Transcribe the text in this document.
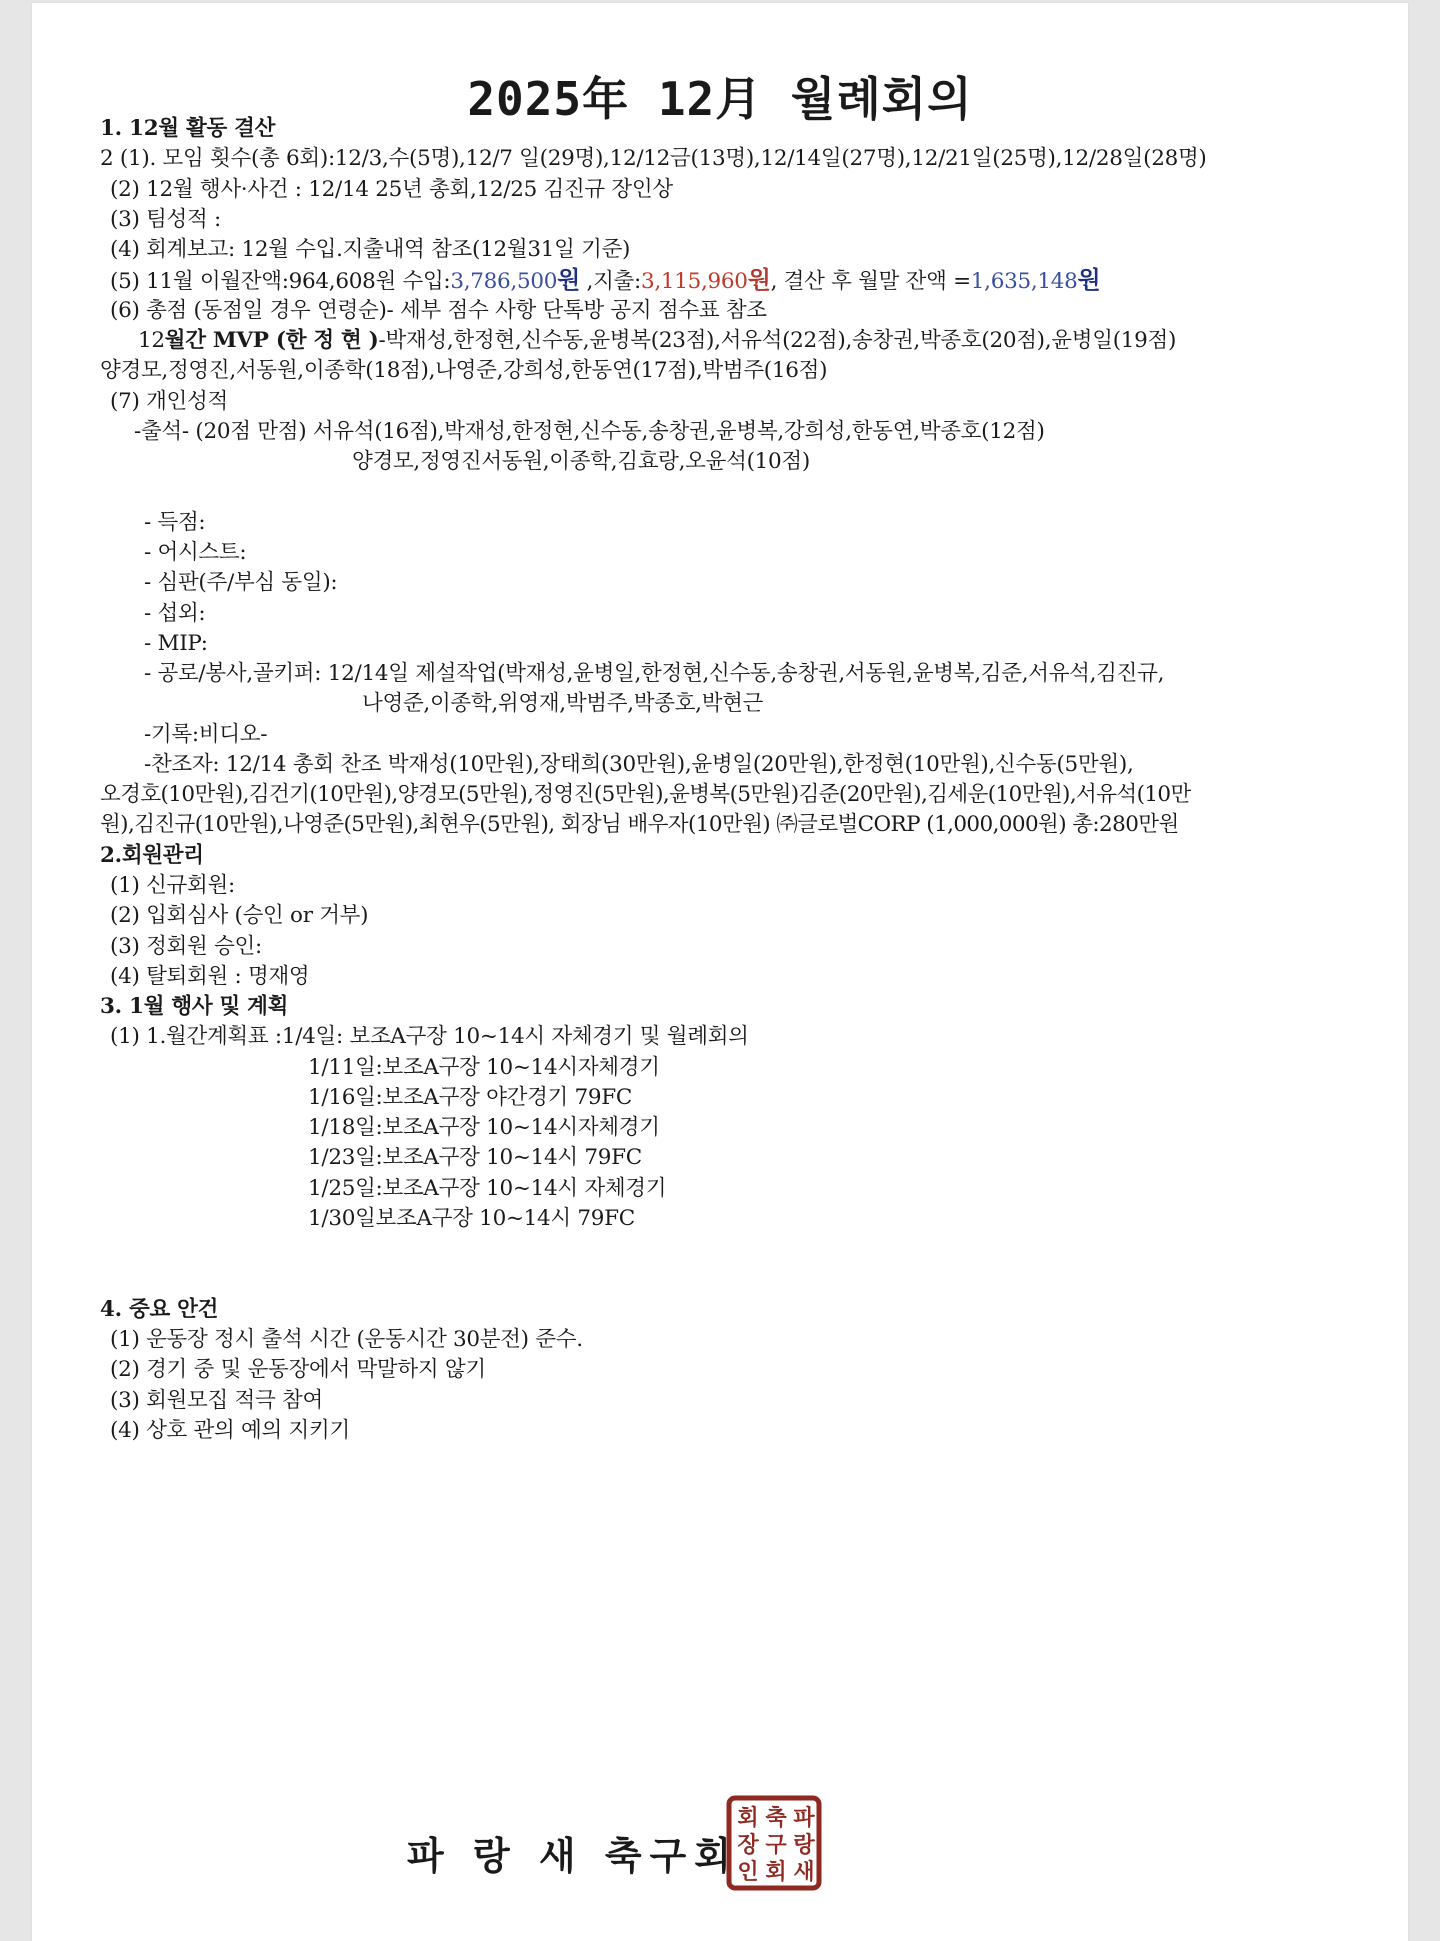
2025年 12月 월례회의
1. 12월 활동 결산
2 (1). 모임 횟수(총 6회):12/3,수(5명),12/7 일(29명),12/12금(13명),12/14일(27명),12/21일(25명),12/28일(28명)
(2) 12월 행사·사건 : 12/14 25년 총회,12/25 김진규 장인상
(3) 팀성적 :
(4) 회계보고: 12월 수입.지출내역 참조(12월31일 기준)
(5) 11월 이월잔액:964,608원 수입:3,786,500원 ,지출:3,115,960원, 결산 후 월말 잔액 =1,635,148원
(6) 총점 (동점일 경우 연령순)- 세부 점수 사항 단톡방 공지 점수표 참조
12월간 MVP (한 정 현 )-박재성,한정현,신수동,윤병복(23점),서유석(22점),송창권,박종호(20점),윤병일(19점)
양경모,정영진,서동원,이종학(18점),나영준,강희성,한동연(17점),박범주(16점)
(7) 개인성적
-출석- (20점 만점) 서유석(16점),박재성,한정현,신수동,송창권,윤병복,강희성,한동연,박종호(12점)
양경모,정영진서동원,이종학,김효랑,오윤석(10점)
- 득점:
- 어시스트:
- 심판(주/부심 동일):
- 섭외:
- MIP:
- 공로/봉사,골키퍼: 12/14일 제설작업(박재성,윤병일,한정현,신수동,송창권,서동원,윤병복,김준,서유석,김진규,
나영준,이종학,위영재,박범주,박종호,박현근
-기록:비디오-
-찬조자: 12/14 총회 찬조 박재성(10만원),장태희(30만원),윤병일(20만원),한정현(10만원),신수동(5만원),
오경호(10만원),김건기(10만원),양경모(5만원),정영진(5만원),윤병복(5만원)김준(20만원),김세운(10만원),서유석(10만
원),김진규(10만원),나영준(5만원),최현우(5만원), 회장님 배우자(10만원) ㈜글로벌CORP (1,000,000원) 총:280만원
2.회원관리
(1) 신규회원:
(2) 입회심사 (승인 or 거부)
(3) 정회원 승인:
(4) 탈퇴회원 : 명재영
3. 1월 행사 및 계획
(1) 1.월간계획표 :1/4일: 보조A구장 10~14시 자체경기 및 월례회의
1/11일:보조A구장 10~14시자체경기
1/16일:보조A구장 야간경기 79FC
1/18일:보조A구장 10~14시자체경기
1/23일:보조A구장 10~14시 79FC
1/25일:보조A구장 10~14시 자체경기
1/30일보조A구장 10~14시 79FC
4. 중요 안건
(1) 운동장 정시 출석 시간 (운동시간 30분전) 준수.
(2) 경기 중 및 운동장에서 막말하지 않기
(3) 회원모집 적극 참여
(4) 상호 관의 예의 지키기
파 랑 새 축구회
파
랑
새
축
구
회
회
장
인
